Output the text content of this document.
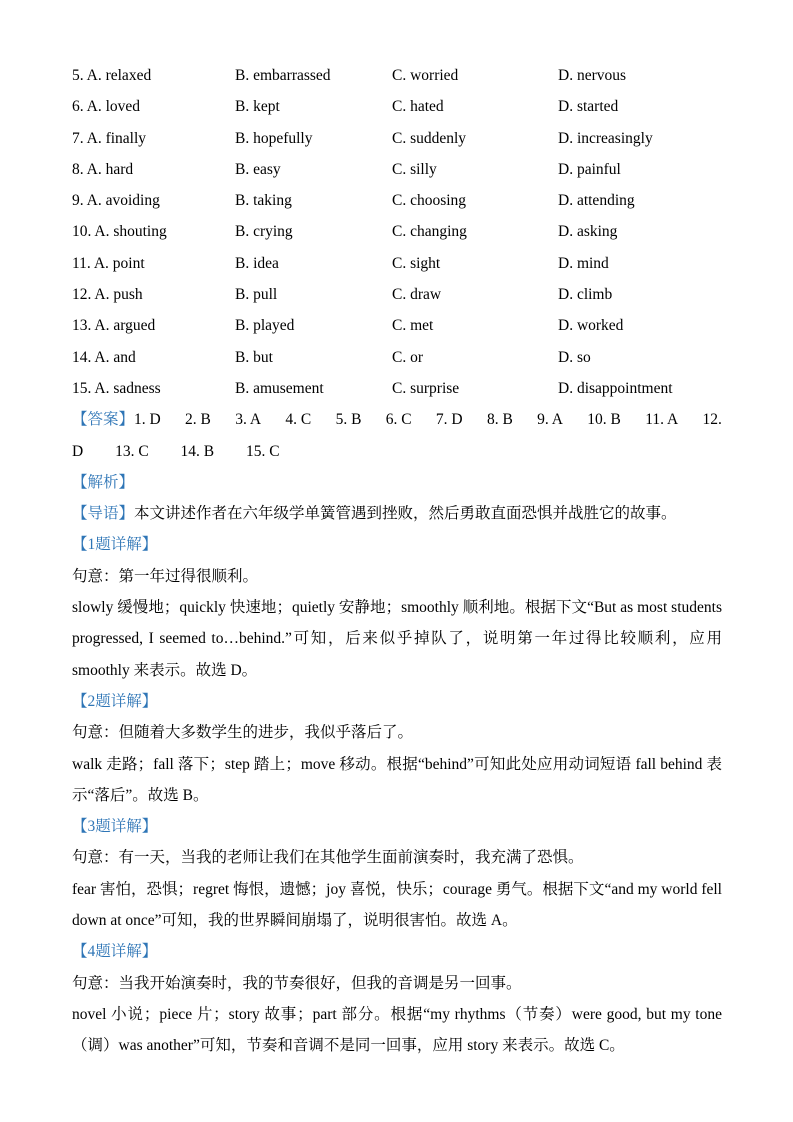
5. A. relaxed	B. embarrassed	C. worried	D. nervous
6. A. loved	B. kept	C. hated	D. started
7. A. finally	B. hopefully	C. suddenly	D. increasingly
8. A. hard	B. easy	C. silly	D. painful
9. A. avoiding	B. taking	C. choosing	D. attending
10. A. shouting	B. crying	C. changing	D. asking
11. A. point	B. idea	C. sight	D. mind
12. A. push	B. pull	C. draw	D. climb
13. A. argued	B. played	C. met	D. worked
14. A. and	B. but	C. or	D. so
15. A. sadness	B. amusement	C. surprise	D. disappointment
【答案】1. D 2. B 3. A 4. C 5. B 6. C 7. D 8. B 9. A 10. B 11. A 12.
D 13. C 14. B 15. C
【解析】
【导语】本文讲述作者在六年级学单簧管遇到挫败，然后勇敢直面恐惧并战胜它的故事。
【1题详解】
句意：第一年过得很顺利。
slowly 缓慢地；quickly 快速地；quietly 安静地；smoothly 顺利地。根据下文“But as most students progressed, I seemed to…behind.”可知，后来似乎掉队了，说明第一年过得比较顺利，应用 smoothly 来表示。故选 D。
【2题详解】
句意：但随着大多数学生的进步，我似乎落后了。
walk 走路；fall 落下；step 踏上；move 移动。根据“behind”可知此处应用动词短语 fall behind 表示“落后”。故选 B。
【3题详解】
句意：有一天，当我的老师让我们在其他学生面前演奏时，我充满了恐惧。
fear 害怕，恐惧；regret 悔恨，遗憾；joy 喜悦，快乐；courage 勇气。根据下文“and my world fell down at once”可知，我的世界瞬间崩塌了，说明很害怕。故选 A。
【4题详解】
句意：当我开始演奏时，我的节奏很好，但我的音调是另一回事。
novel 小说；piece 片；story 故事；part 部分。根据“my rhythms（节奏）were good, but my tone（调）was another”可知，节奏和音调不是同一回事，应用 story 来表示。故选 C。
